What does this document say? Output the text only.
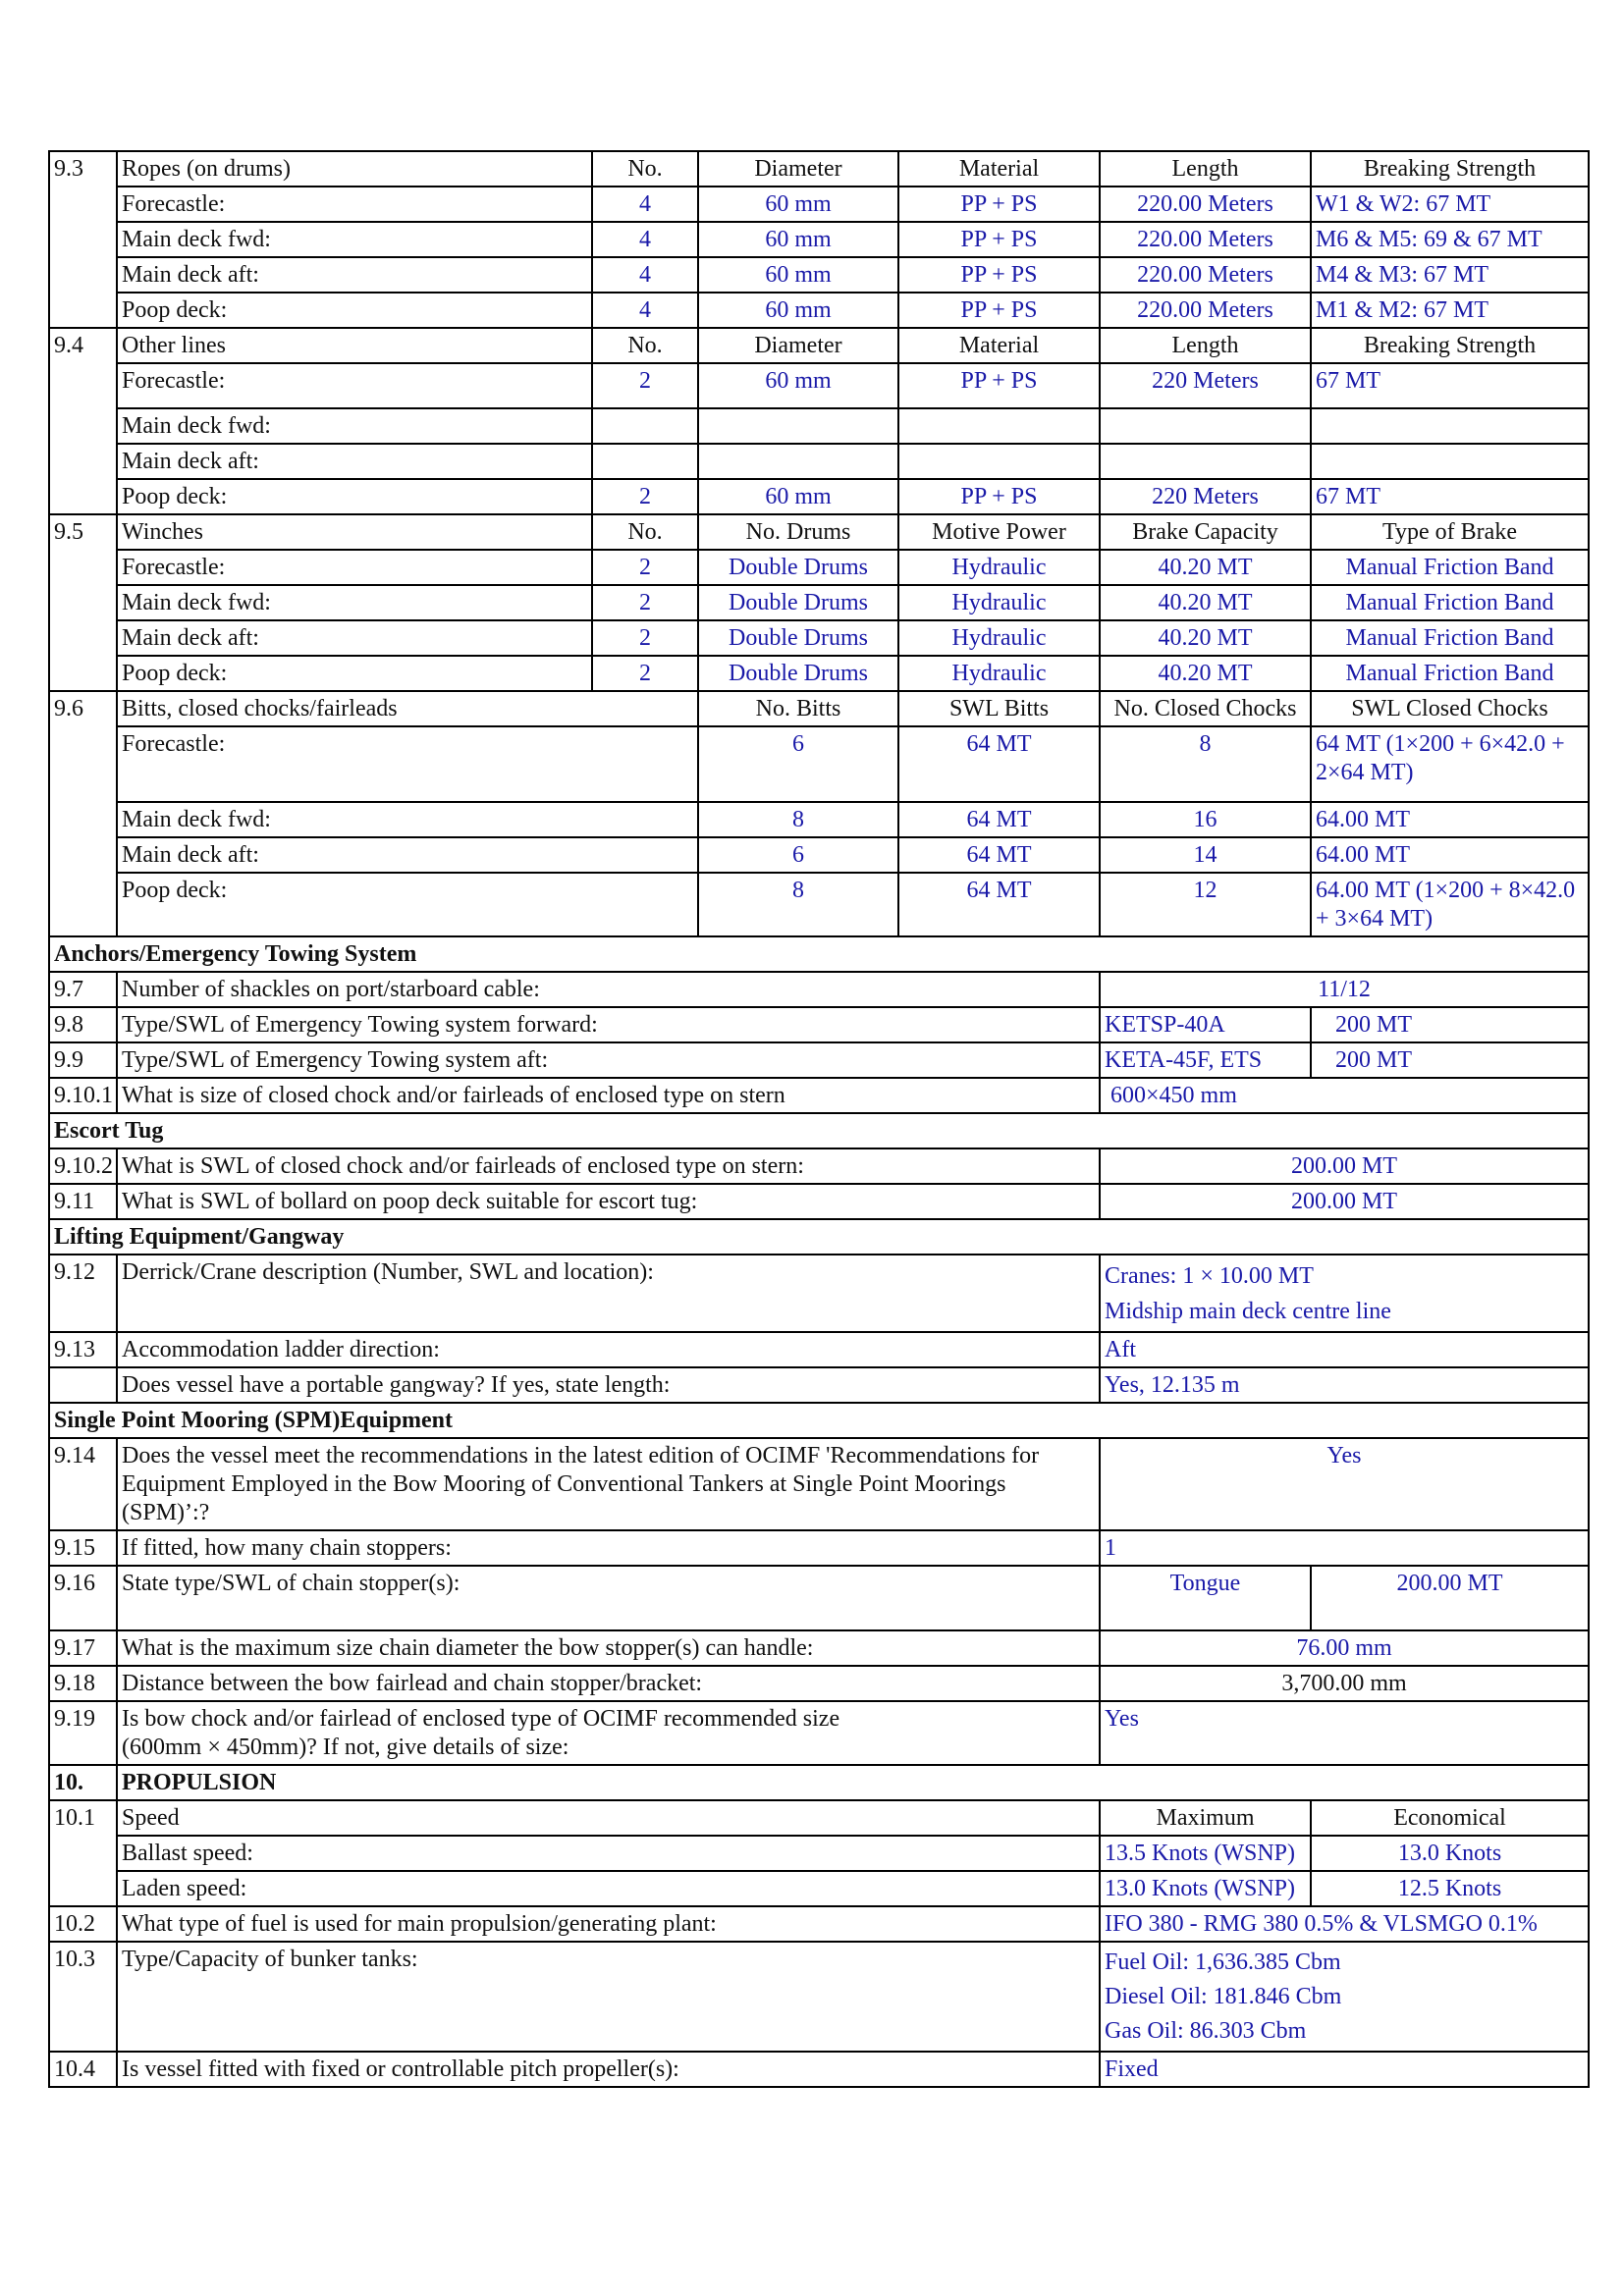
9.3	Ropes (on drums)	No.	Diameter	Material	Length	Breaking Strength
	Forecastle:	4	60 mm	PP + PS	220.00 Meters	W1 & W2: 67 MT
	Main deck fwd:	4	60 mm	PP + PS	220.00 Meters	M6 & M5: 69 & 67 MT
	Main deck aft:	4	60 mm	PP + PS	220.00 Meters	M4 & M3: 67 MT
	Poop deck:	4	60 mm	PP + PS	220.00 Meters	M1 & M2: 67 MT
9.4	Other lines	No.	Diameter	Material	Length	Breaking Strength
	Forecastle:	2	60 mm	PP + PS	220 Meters	67 MT
	Main deck fwd:					
	Main deck aft:					
	Poop deck:	2	60 mm	PP + PS	220 Meters	67 MT
9.5	Winches	No.	No. Drums	Motive Power	Brake Capacity	Type of Brake
	Forecastle:	2	Double Drums	Hydraulic	40.20 MT	Manual Friction Band
	Main deck fwd:	2	Double Drums	Hydraulic	40.20 MT	Manual Friction Band
	Main deck aft:	2	Double Drums	Hydraulic	40.20 MT	Manual Friction Band
	Poop deck:	2	Double Drums	Hydraulic	40.20 MT	Manual Friction Band
9.6	Bitts, closed chocks/fairleads		No. Bitts	SWL Bitts	No. Closed Chocks	SWL Closed Chocks
	Forecastle:		6	64 MT	8	64 MT (1×200 + 6×42.0 + 2×64 MT)
	Main deck fwd:		8	64 MT	16	64.00 MT
	Main deck aft:		6	64 MT	14	64.00 MT
	Poop deck:		8	64 MT	12	64.00 MT (1×200 + 8×42.0 + 3×64 MT)
Anchors/Emergency Towing System						
9.7	Number of shackles on port/starboard cable:				11/12	
9.8	Type/SWL of Emergency Towing system forward:				KETSP-40A	200 MT
9.9	Type/SWL of Emergency Towing system aft:				KETA-45F, ETS	200 MT
9.10.1	What is size of closed chock and/or fairleads of enclosed type on stern				600×450 mm	
Escort Tug						
9.10.2	What is SWL of closed chock and/or fairleads of enclosed type on stern:				200.00 MT	
9.11	What is SWL of bollard on poop deck suitable for escort tug:				200.00 MT	
Lifting Equipment/Gangway						
9.12	Derrick/Crane description (Number, SWL and location):				Cranes: 1 × 10.00 MT
Midship main deck centre line	

9.13	Accommodation ladder direction:				Aft	
	Does vessel have a portable gangway? If yes, state length:				Yes, 12.135 m	
Single Point Mooring (SPM)Equipment						
9.14	Does the vessel meet the recommendations in the latest edition of OCIMF 'Recommendations for Equipment Employed in the Bow Mooring of Conventional Tankers at Single Point Moorings (SPM)’:?				Yes	
9.15	If fitted, how many chain stoppers:				1	
9.16	State type/SWL of chain stopper(s):				Tongue	200.00 MT
9.17	What is the maximum size chain diameter the bow stopper(s) can handle:				76.00 mm	
9.18	Distance between the bow fairlead and chain stopper/bracket:				3,700.00 mm	
9.19	Is bow chock and/or fairlead of enclosed type of OCIMF recommended size (600mm × 450mm)? If not, give details of size:				Yes	
10.	PROPULSION					
10.1	Speed				Maximum	Economical
	Ballast speed:				13.5 Knots (WSNP)	13.0 Knots
	Laden speed:				13.0 Knots (WSNP)	12.5 Knots
10.2	What type of fuel is used for main propulsion/generating plant:				IFO 380 - RMG 380 0.5% & VLSMGO 0.1%	
10.3	Type/Capacity of bunker tanks:				Fuel Oil: 1,636.385 Cbm
Diesel Oil: 181.846 Cbm
Gas Oil: 86.303 Cbm	

10.4	Is vessel fitted with fixed or controllable pitch propeller(s):				Fixed	
